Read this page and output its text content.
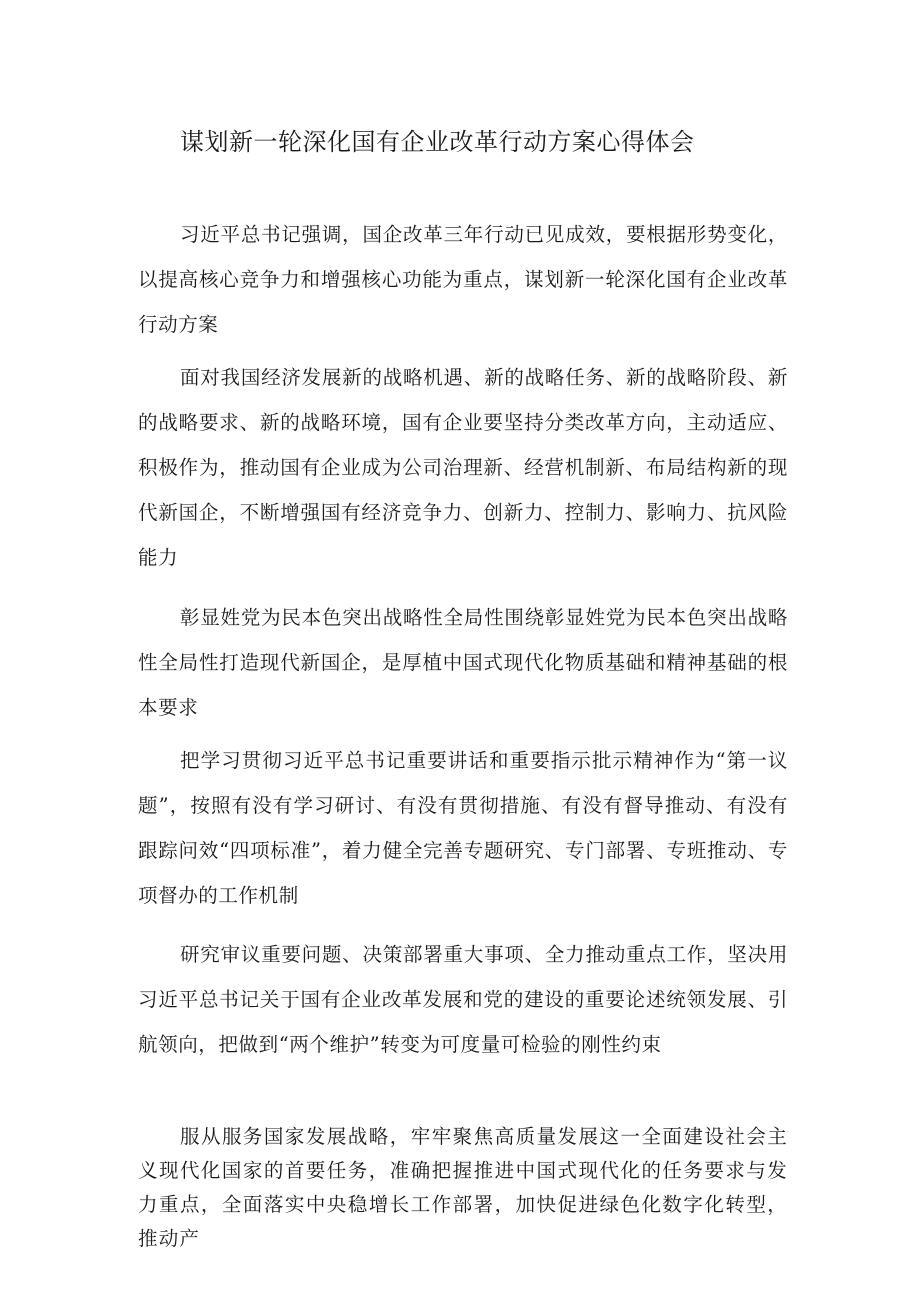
谋划新一轮深化国有企业改革行动方案心得体会

习近平总书记强调，国企改革三年行动已见成效，要根据形势变化，以提高核心竞争力和增强核心功能为重点，谋划新一轮深化国有企业改革行动方案

面对我国经济发展新的战略机遇、新的战略任务、新的战略阶段、新的战略要求、新的战略环境，国有企业要坚持分类改革方向，主动适应、积极作为，推动国有企业成为公司治理新、经营机制新、布局结构新的现代新国企，不断增强国有经济竞争力、创新力、控制力、影响力、抗风险能力

彰显姓党为民本色突出战略性全局性围绕彰显姓党为民本色突出战略性全局性打造现代新国企，是厚植中国式现代化物质基础和精神基础的根本要求

把学习贯彻习近平总书记重要讲话和重要指示批示精神作为“第一议题”，按照有没有学习研讨、有没有贯彻措施、有没有督导推动、有没有跟踪问效“四项标准”，着力健全完善专题研究、专门部署、专班推动、专项督办的工作机制

研究审议重要问题、决策部署重大事项、全力推动重点工作，坚决用习近平总书记关于国有企业改革发展和党的建设的重要论述统领发展、引航领向，把做到“两个维护”转变为可度量可检验的刚性约束

服从服务国家发展战略，牢牢聚焦高质量发展这一全面建设社会主义现代化国家的首要任务，准确把握推进中国式现代化的任务要求与发力重点，全面落实中央稳增长工作部署，加快促进绿色化数字化转型，推动产
